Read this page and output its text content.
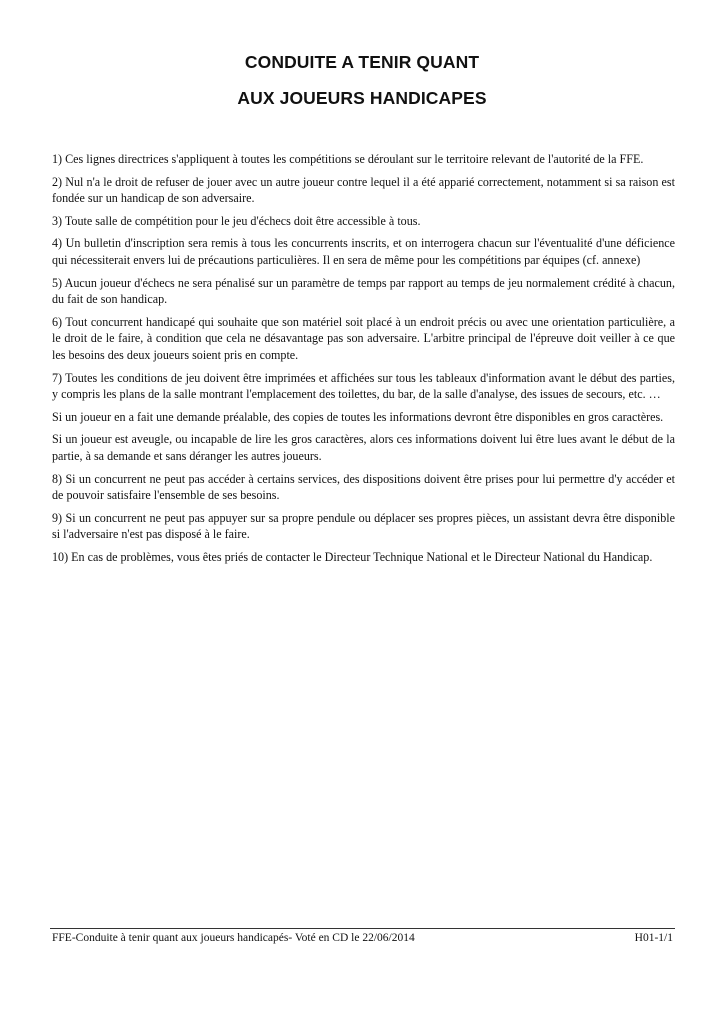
CONDUITE A TENIR QUANT
AUX JOUEURS HANDICAPES

1) Ces lignes directrices s'appliquent à toutes les compétitions se déroulant sur le territoire relevant de l'autorité de la FFE.

2) Nul n'a le droit de refuser de jouer avec un autre joueur contre lequel il a été apparié correctement, notamment si sa raison est fondée sur un handicap de son adversaire.

3) Toute salle de compétition pour le jeu d'échecs doit être accessible à tous.

4) Un bulletin d'inscription sera remis à tous les concurrents inscrits, et on interrogera chacun sur l'éventualité d'une déficience qui nécessiterait envers lui de précautions particulières. Il en sera de même pour les compétitions par équipes (cf. annexe)

5) Aucun joueur d'échecs ne sera pénalisé sur un paramètre de temps par rapport au temps de jeu normalement crédité à chacun, du fait de son handicap.

6) Tout concurrent handicapé qui souhaite que son matériel soit placé à un endroit précis ou avec une orientation particulière, a le droit de le faire, à condition que cela ne désavantage pas son adversaire. L'arbitre principal de l'épreuve doit veiller à ce que les besoins des deux joueurs soient pris en compte.

7) Toutes les conditions de jeu doivent être imprimées et affichées sur tous les tableaux d'information avant le début des parties, y compris les plans de la salle montrant l'emplacement des toilettes, du bar, de la salle d'analyse, des issues de secours, etc. …

Si un joueur en a fait une demande préalable, des copies de toutes les informations devront être disponibles en gros caractères.

Si un joueur est aveugle, ou incapable de lire les gros caractères, alors ces informations doivent lui être lues avant le début de la partie, à sa demande et sans déranger les autres joueurs.

8) Si un concurrent ne peut pas accéder à certains services, des dispositions doivent être prises pour lui permettre d'y accéder et de pouvoir satisfaire l'ensemble de ses besoins.

9) Si un concurrent ne peut pas appuyer sur sa propre pendule ou déplacer ses propres pièces, un assistant devra être disponible si l'adversaire n'est pas disposé à le faire.

10) En cas de problèmes, vous êtes priés de contacter le Directeur Technique National et le Directeur National du Handicap.

FFE-Conduite à tenir quant aux joueurs handicapés- Voté en CD le 22/06/2014	H01-1/1
